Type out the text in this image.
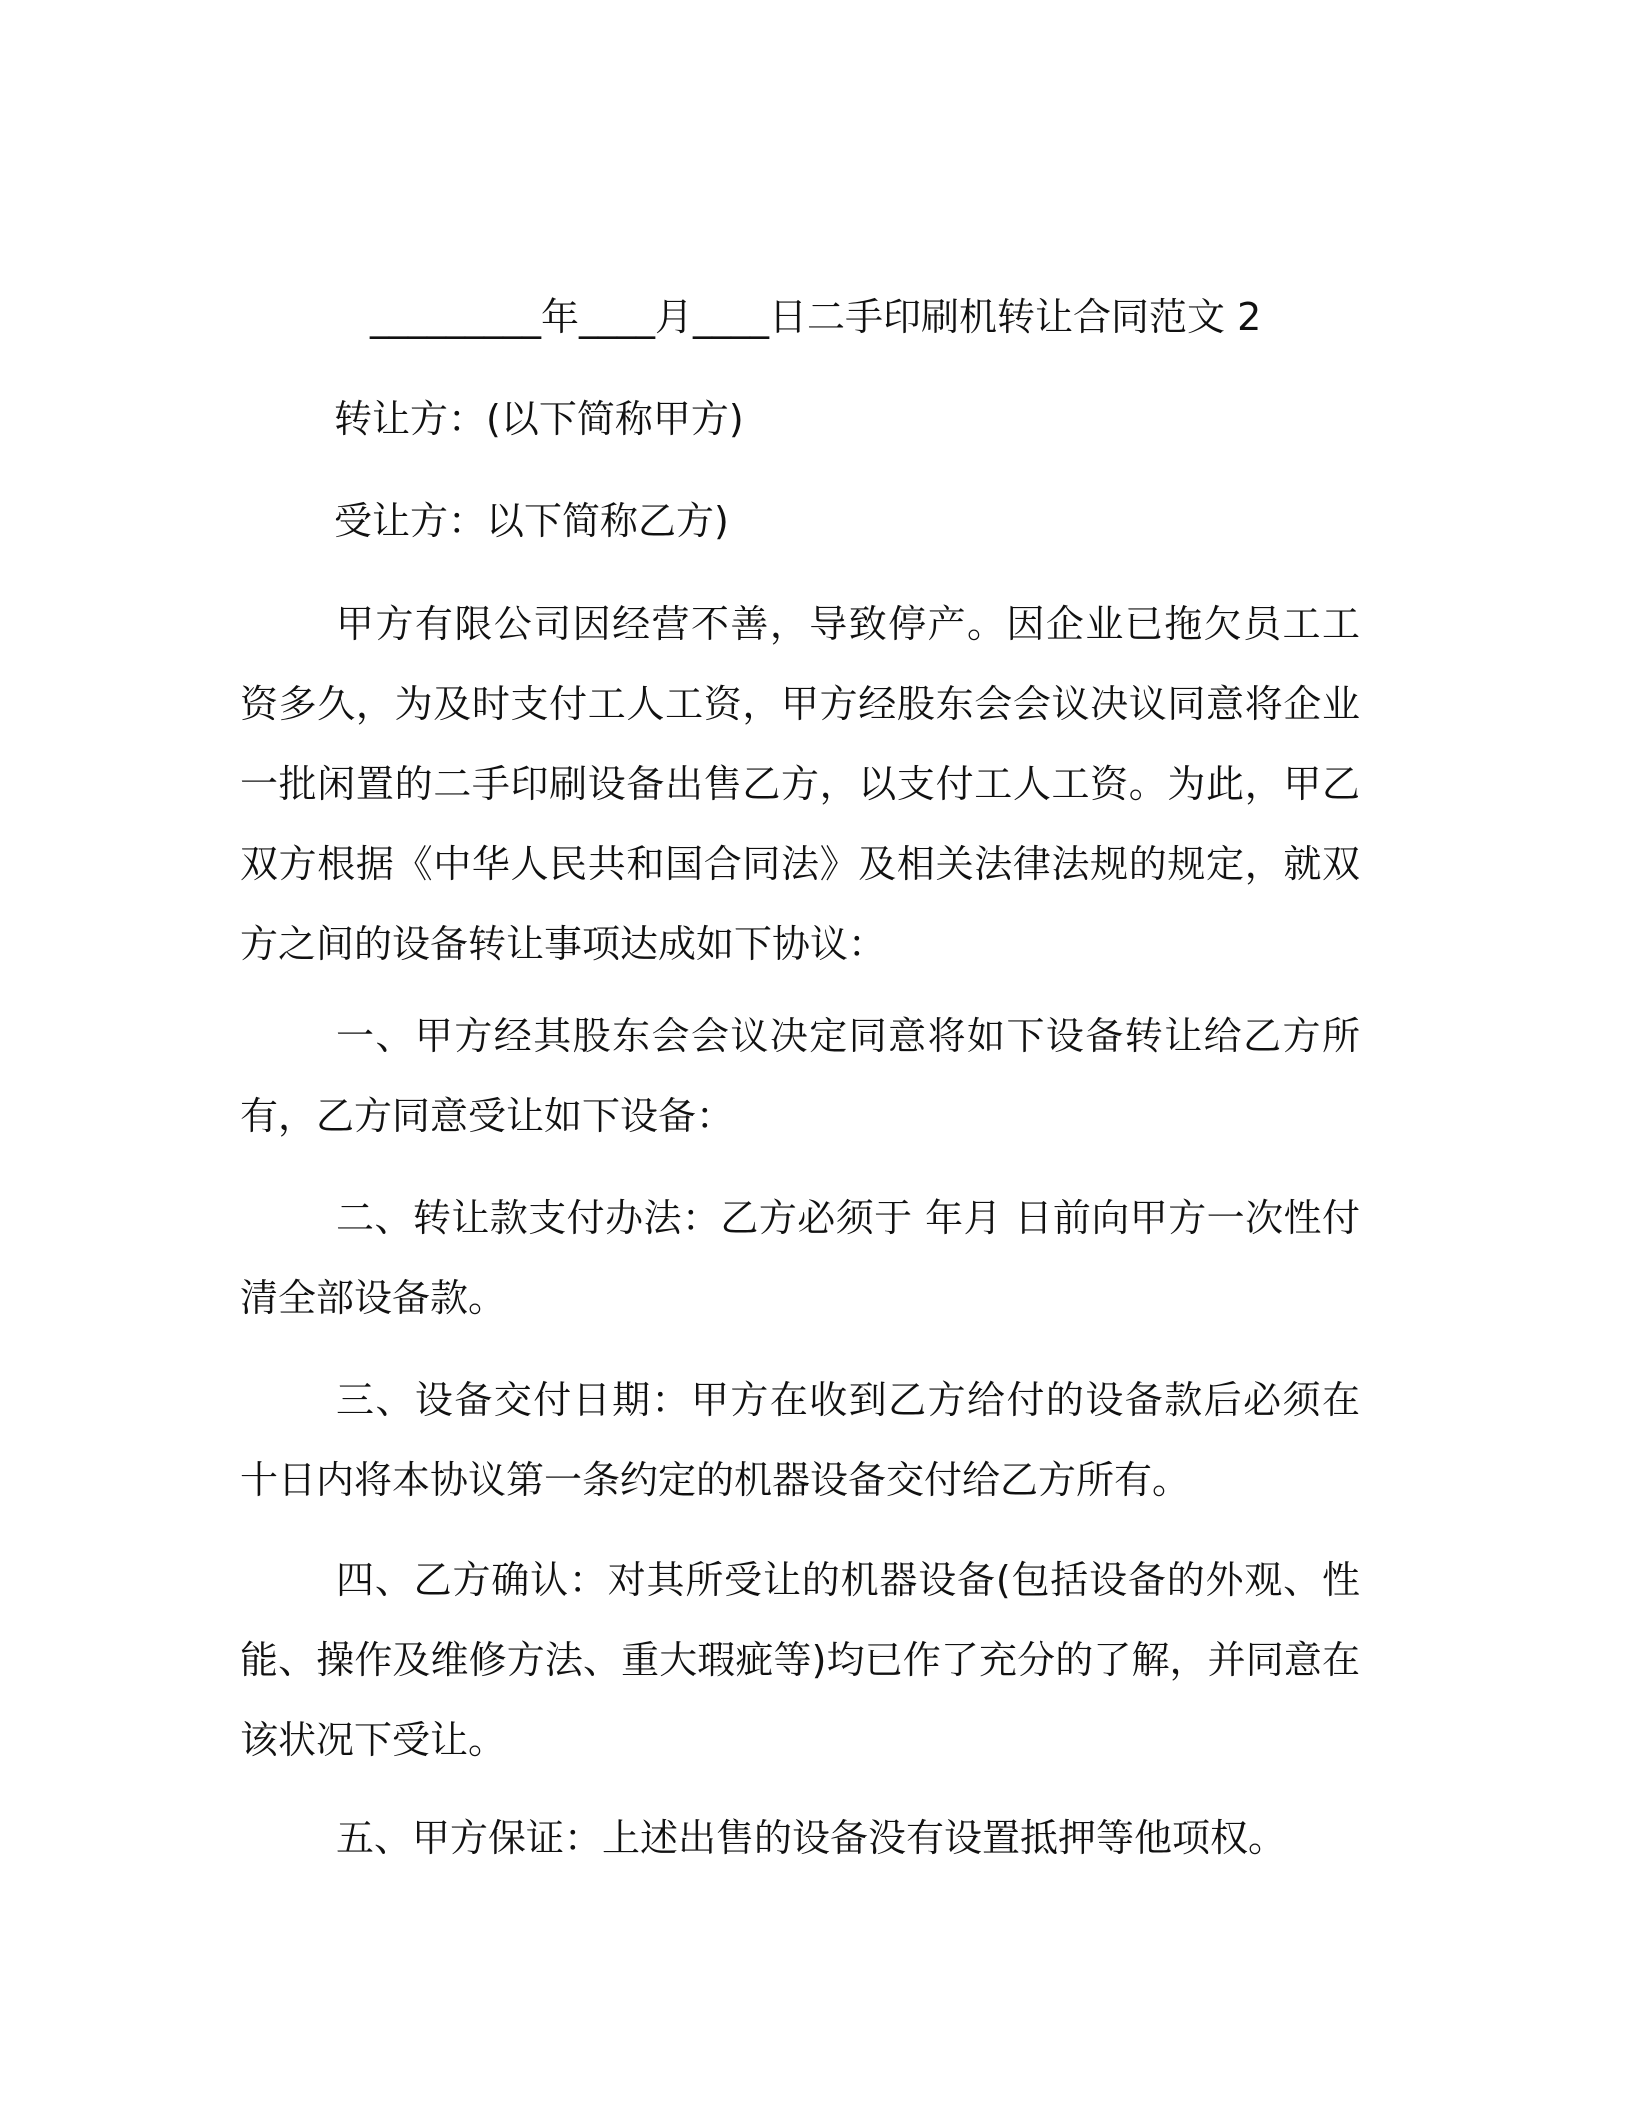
_________年____月____日二手印刷机转让合同范文 2
转让方：(以下简称甲方)
受让方：以下简称乙方)
甲方有限公司因经营不善，导致停产。因企业已拖欠员工工资多久，为及时支付工人工资，甲方经股东会会议决议同意将企业一批闲置的二手印刷设备出售乙方，以支付工人工资。为此，甲乙双方根据《中华人民共和国合同法》及相关法律法规的规定，就双方之间的设备转让事项达成如下协议：
一、甲方经其股东会会议决定同意将如下设备转让给乙方所有，乙方同意受让如下设备：
二、转让款支付办法：乙方必须于 年月 日前向甲方一次性付清全部设备款。
三、设备交付日期：甲方在收到乙方给付的设备款后必须在十日内将本协议第一条约定的机器设备交付给乙方所有。
四、乙方确认：对其所受让的机器设备(包括设备的外观、性能、操作及维修方法、重大瑕疵等)均已作了充分的了解，并同意在该状况下受让。
五、甲方保证：上述出售的设备没有设置抵押等他项权。
